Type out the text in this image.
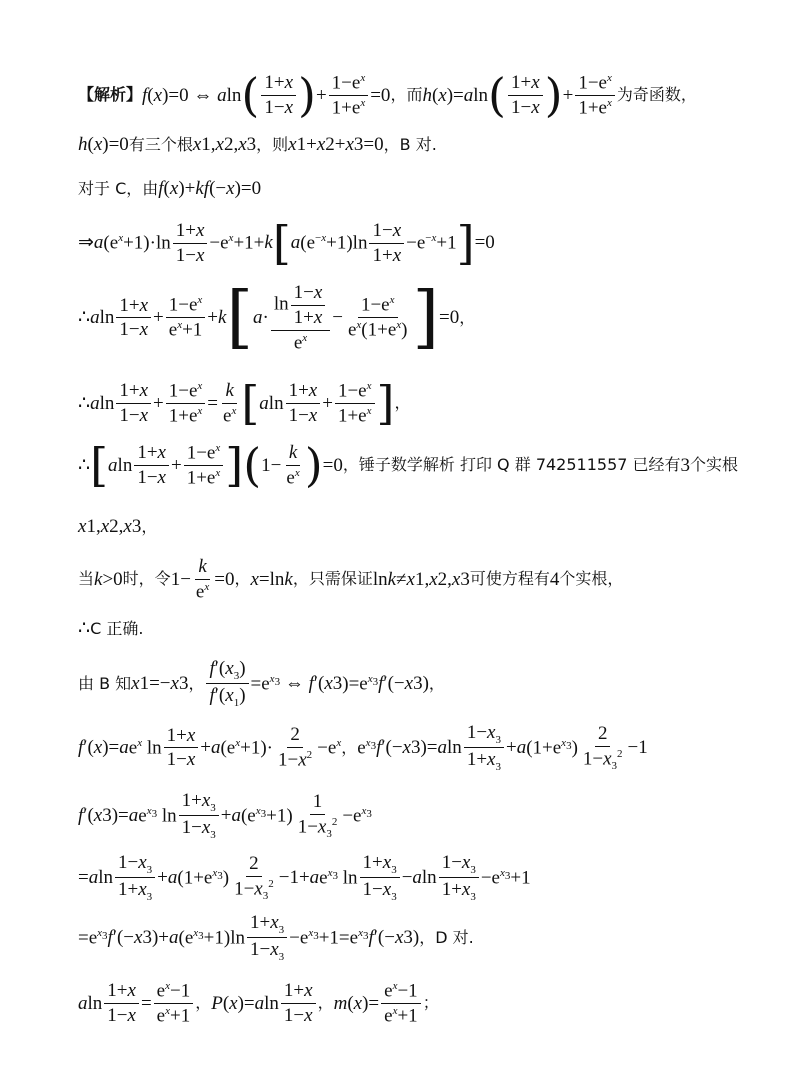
【解析】 f ( x )=0 ⇔ a ln ( $\frac{1+x}{1-x}$ ) + $\frac{1-e^x}{1+e^x} =0$ ，而 h ( x )= a ln ( $\frac{1+x}{1-x}$ ) + $\frac{1-e^x}{1+e^x}$ 为奇函数，
h ( x )=0 有三个根 x 1 , x 2 , x 3 ，则 x 1 + x 2 + x 3 =0 ，B 对.
对于 C，由 f ( x )+ kf (− x )=0
⇒ a $(e^x+1)\cdot\ln \frac{1+x}{1-x} -e^x+1+ k$ [ a $(e^{-x}+1)\ln \frac{1-x}{1+x} -e^{-x}+1$ ] =0
∴ a $\ln \frac{1+x}{1-x} + \frac{1-e^x}{e^x+1} + k$ [ $a \cdot \frac{\ln \frac{1-x}{1+x}}{e^x} - \frac{1-e^x}{e^x(1+e^x)}$ ] =0 ，
∴ a $\ln \frac{1+x}{1-x} + \frac{1-e^x}{1+e^x} = \frac{k}{e^x}$ [ a $\ln \frac{1+x}{1-x} + \frac{1-e^x}{1+e^x}$ ] ，
∴ [ a $\ln \frac{1+x}{1-x} + \frac{1-e^x}{1+e^x}$ ] ( $1- \frac{k}{e^x}$ ) =0 ，锤子数学解析 打印 Q 群 742511557 已经有 3 个实根
x 1 , x 2 , x 3 ，
当 k >0 时，令 $1- \frac{k}{e^x} =0$ ， x =ln k ，只需保证 ln k ≠ x 1 , x 2 , x 3 可使方程有 4 个实根，
∴ C 正确.
由 B 知 x 1 =− x 3 ， $\frac{f'(x_3)}{f'(x_1)} =e^{x_3}$ ⇔ f ′( x 3 )$=e^{x_3}$ f ′(− x 3 ) ，
f ′( x )= a $e^x$ $\ln \frac{1+x}{1-x} + a$ $(e^x+1)\cdot \frac{2}{1-x^2} -e^x$ ， $e^{x_3}$ f ′(− x 3 )= a $\ln \frac{1-x_3}{1+x_3} + a$ $(1+e^{x_3}) \frac{2}{1-x_3^2} -1$
f ′( x 3 )= a $e^{x_3}$ $\ln \frac{1+x_3}{1-x_3} + a$ $(e^{x_3}+1) \frac{1}{1-x_3^2} -e^{x_3}$
= a $\ln \frac{1-x_3}{1+x_3} + a$ $(1+e^{x_3}) \frac{2}{1-x_3^2} -1+ a$ $e^{x_3}$ $\ln \frac{1+x_3}{1-x_3} - a$ $\ln \frac{1-x_3}{1+x_3} -e^{x_3}+1$
$=e^{x_3}$ f ′(− x 3 )+ a $(e^{x_3}+1)\ln \frac{1+x_3}{1-x_3} -e^{x_3}+1=e^{x_3}$ f ′(− x 3 ) ，D 对.
a $\ln \frac{1+x}{1-x} = \frac{e^x-1}{e^x+1}$ ， P ( x )= a $\ln \frac{1+x}{1-x}$ ， m ( x )= $\frac{e^x-1}{e^x+1}$ ；
